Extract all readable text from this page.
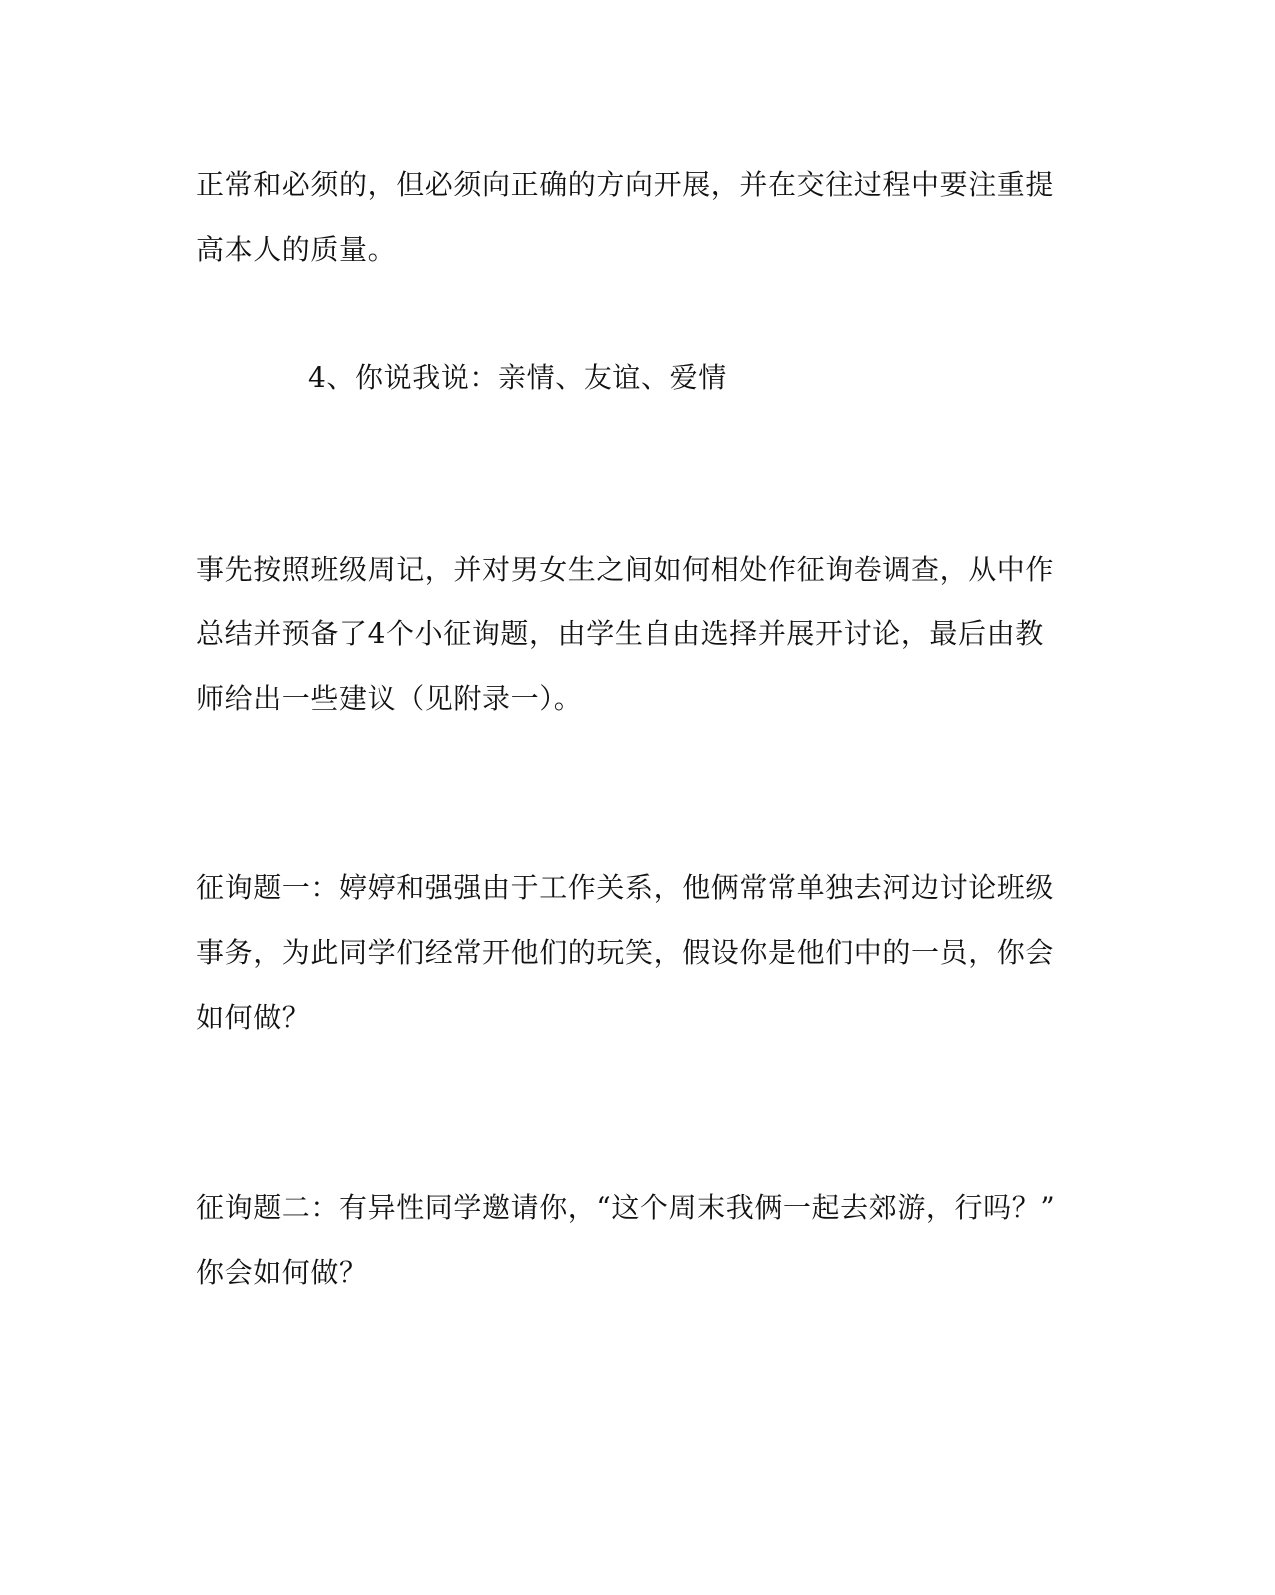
正常和必须的，但必须向正确的方向开展，并在交往过程中要注重提
高本人的质量。
4、你说我说：亲情、友谊、爱情
事先按照班级周记，并对男女生之间如何相处作征询卷调查，从中作
总结并预备了4个小征询题，由学生自由选择并展开讨论，最后由教
师给出一些建议（见附录一）。
征询题一：婷婷和强强由于工作关系，他俩常常单独去河边讨论班级
事务，为此同学们经常开他们的玩笑，假设你是他们中的一员，你会
如何做？
征询题二：有异性同学邀请你，“这个周末我俩一起去郊游，行吗？”
你会如何做？
